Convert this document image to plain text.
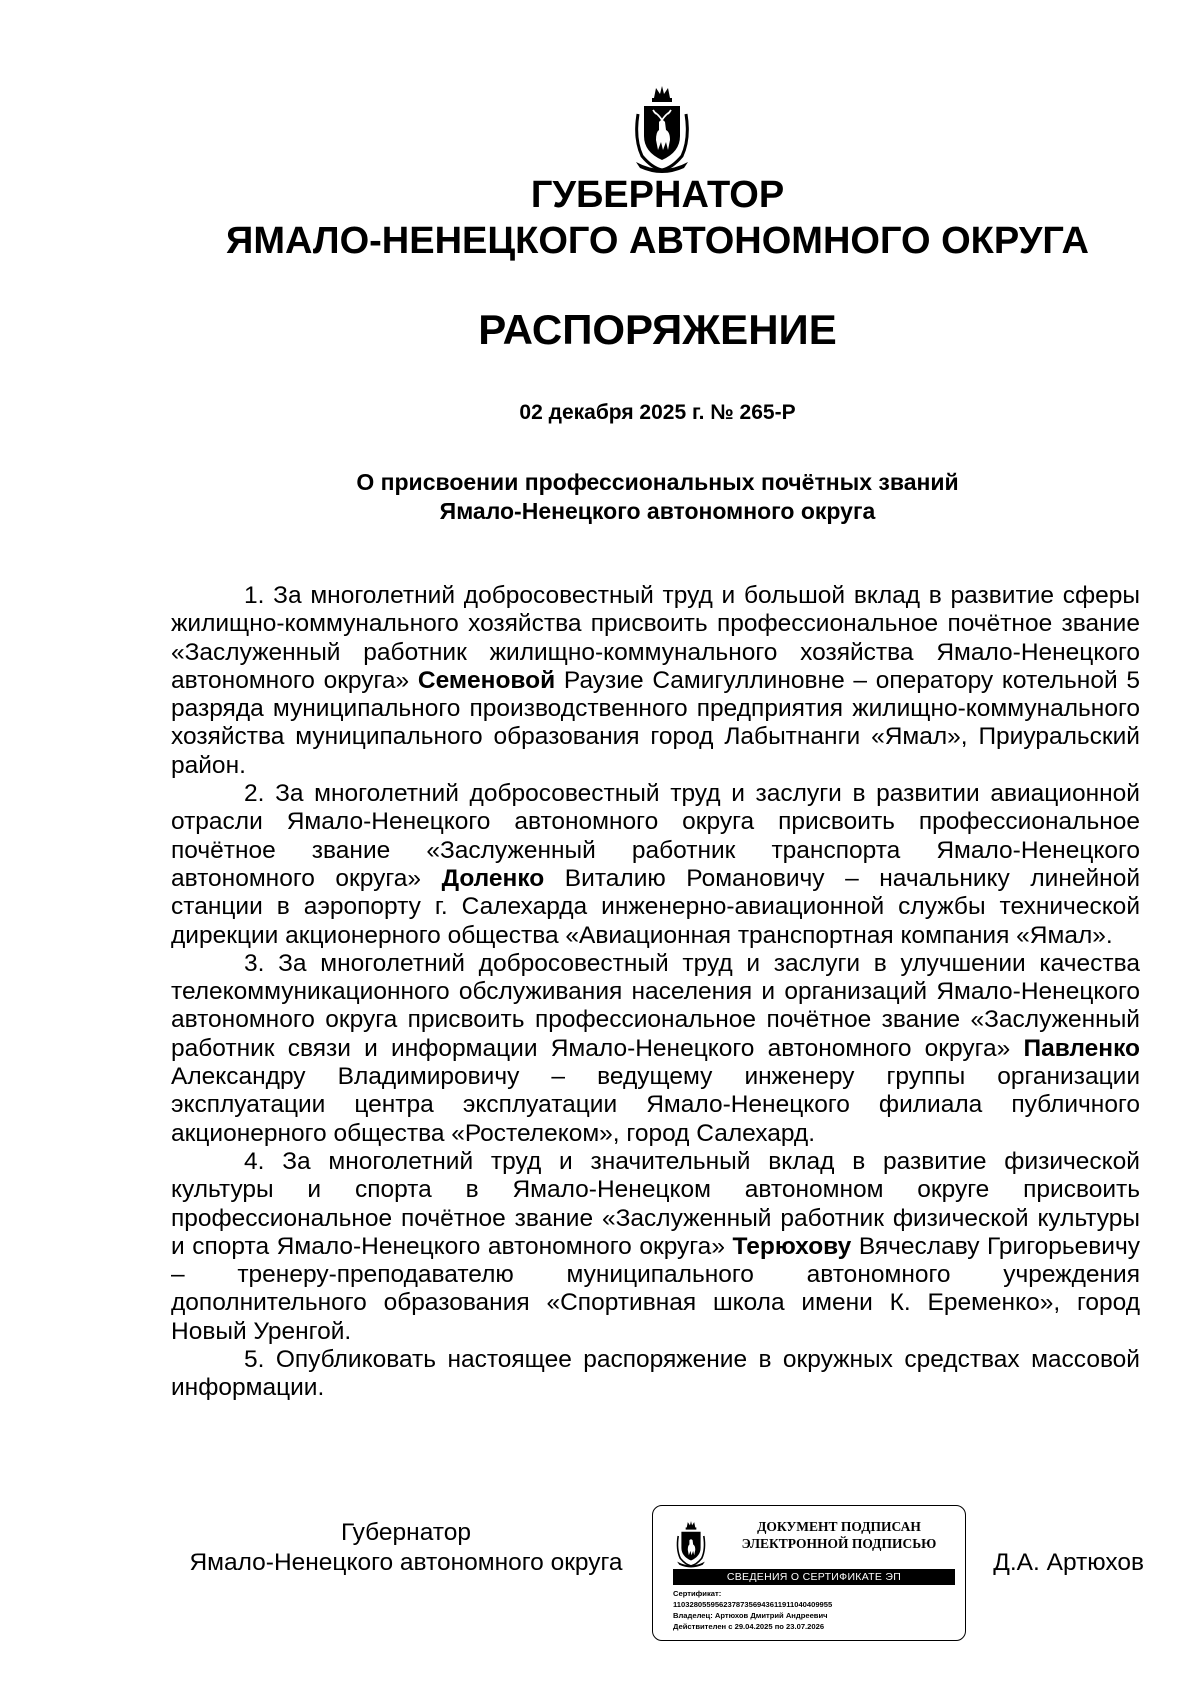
ГУБЕРНАТОР
ЯМАЛО-НЕНЕЦКОГО АВТОНОМНОГО ОКРУГА
РАСПОРЯЖЕНИЕ
02 декабря 2025 г. № 265-Р
О присвоении профессиональных почётных званий
Ямало-Ненецкого автономного округа

1. За многолетний добросовестный труд и большой вклад в развитие сферы жилищно-коммунального хозяйства присвоить профессиональное почётное звание «Заслуженный работник жилищно-коммунального хозяйства Ямало-Ненецкого автономного округа» Семеновой Раузие Самигуллиновне – оператору котельной 5 разряда муниципального производственного предприятия жилищно-коммунального хозяйства муниципального образования город Лабытнанги «Ямал», Приуральский район.

2. За многолетний добросовестный труд и заслуги в развитии авиационной отрасли Ямало-Ненецкого автономного округа присвоить профессиональное почётное звание «Заслуженный работник транспорта Ямало-Ненецкого автономного округа» Доленко Виталию Романовичу – начальнику линейной станции в аэропорту г. Салехарда инженерно-авиационной службы технической дирекции акционерного общества «Авиационная транспортная компания «Ямал».

3. За многолетний добросовестный труд и заслуги в улучшении качества телекоммуникационного обслуживания населения и организаций Ямало-Ненецкого автономного округа присвоить профессиональное почётное звание «Заслуженный работник связи и информации Ямало-Ненецкого автономного округа» Павленко Александру Владимировичу – ведущему инженеру группы организации эксплуатации центра эксплуатации Ямало-Ненецкого филиала публичного акционерного общества «Ростелеком», город Салехард.

4. За многолетний труд и значительный вклад в развитие физической культуры и спорта в Ямало-Ненецком автономном округе присвоить профессиональное почётное звание «Заслуженный работник физической культуры и спорта Ямало-Ненецкого автономного округа» Терюхову Вячеславу Григорьевичу – тренеру-преподавателю муниципального автономного учреждения дополнительного образования «Спортивная школа имени К. Еременко», город Новый Уренгой.

5. Опубликовать настоящее распоряжение в окружных средствах массовой информации.

Губернатор
Ямало-Ненецкого автономного округа
ДОКУМЕНТ ПОДПИСАН
ЭЛЕКТРОННОЙ ПОДПИСЬЮ
СВЕДЕНИЯ О СЕРТИФИКАТЕ ЭП
Сертификат:
11032805595623787356943611911040409955
Владелец: Артюхов Дмитрий Андреевич
Действителен с 29.04.2025 по 23.07.2026
Д.А. Артюхов
